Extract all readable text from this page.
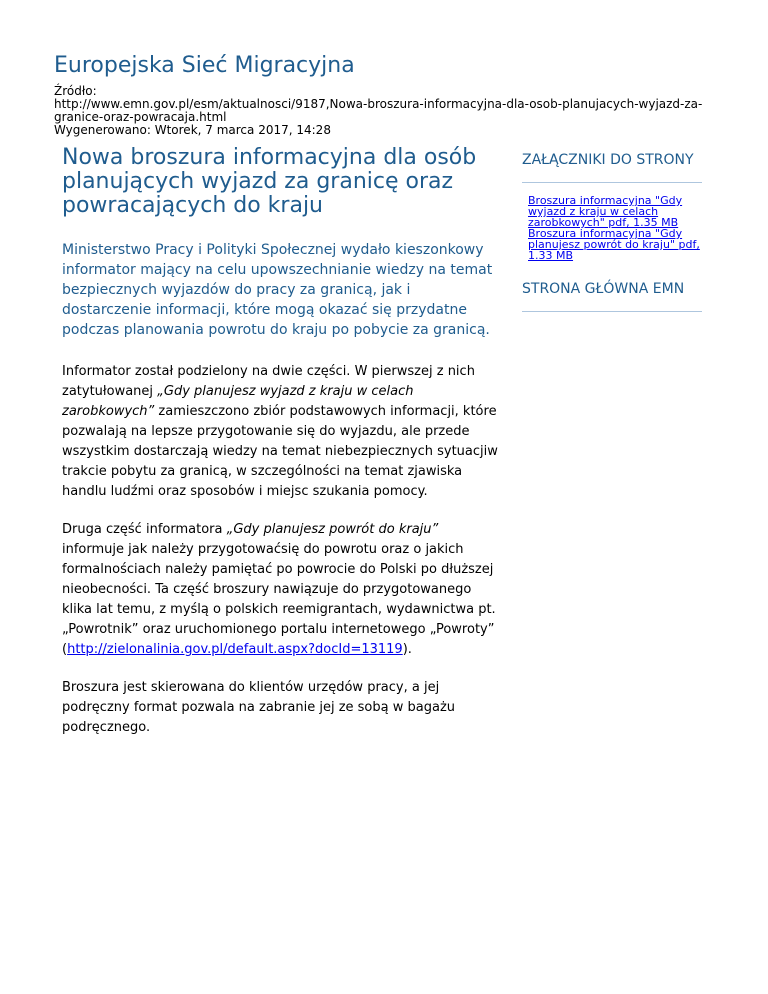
Europejska Sieć Migracyjna
Źródło:
http://www.emn.gov.pl/esm/aktualnosci/9187,Nowa-broszura-informacyjna-dla-osob-planujacych-wyjazd-za-granice-oraz-powracaja.html
Wygenerowano: Wtorek, 7 marca 2017, 14:28
Nowa broszura informacyjna dla osób planujących wyjazd za granicę oraz powracających do kraju

Ministerstwo Pracy i Polityki Społecznej wydało kieszonkowy informator mający na celu upowszechnianie wiedzy na temat bezpiecznych wyjazdów do pracy za granicą, jak i dostarczenie informacji, które mogą okazać się przydatne podczas planowania powrotu do kraju po pobycie za granicą.

Informator został podzielony na dwie części. W pierwszej z nich zatytułowanej „Gdy planujesz wyjazd z kraju w celach zarobkowych” zamieszczono zbiór podstawowych informacji, które pozwalają na lepsze przygotowanie się do wyjazdu, ale przede wszystkim dostarczają wiedzy na temat niebezpiecznych sytuacjiw trakcie pobytu za granicą, w szczególności na temat zjawiska handlu ludźmi oraz sposobów i miejsc szukania pomocy.

Druga część informatora „Gdy planujesz powrót do kraju” informuje jak należy przygotowaćsię do powrotu oraz o jakich formalnościach należy pamiętać po powrocie do Polski po dłuższej nieobecności. Ta część broszury nawiązuje do przygotowanego klika lat temu, z myślą o polskich reemigrantach, wydawnictwa pt. „Powrotnik” oraz uruchomionego portalu internetowego „Powroty” (http://zielonalinia.gov.pl/default.aspx?docId=13119).

Broszura jest skierowana do klientów urzędów pracy, a jej podręczny format pozwala na zabranie jej ze sobą w bagażu podręcznego.

ZAŁĄCZNIKI DO STRONY
Broszura informacyjna "Gdy wyjazd z kraju w celach zarobkowych" pdf, 1.35 MB
Broszura informacyjna "Gdy planujesz powrót do kraju" pdf, 1.33 MB
STRONA GŁÓWNA EMN
